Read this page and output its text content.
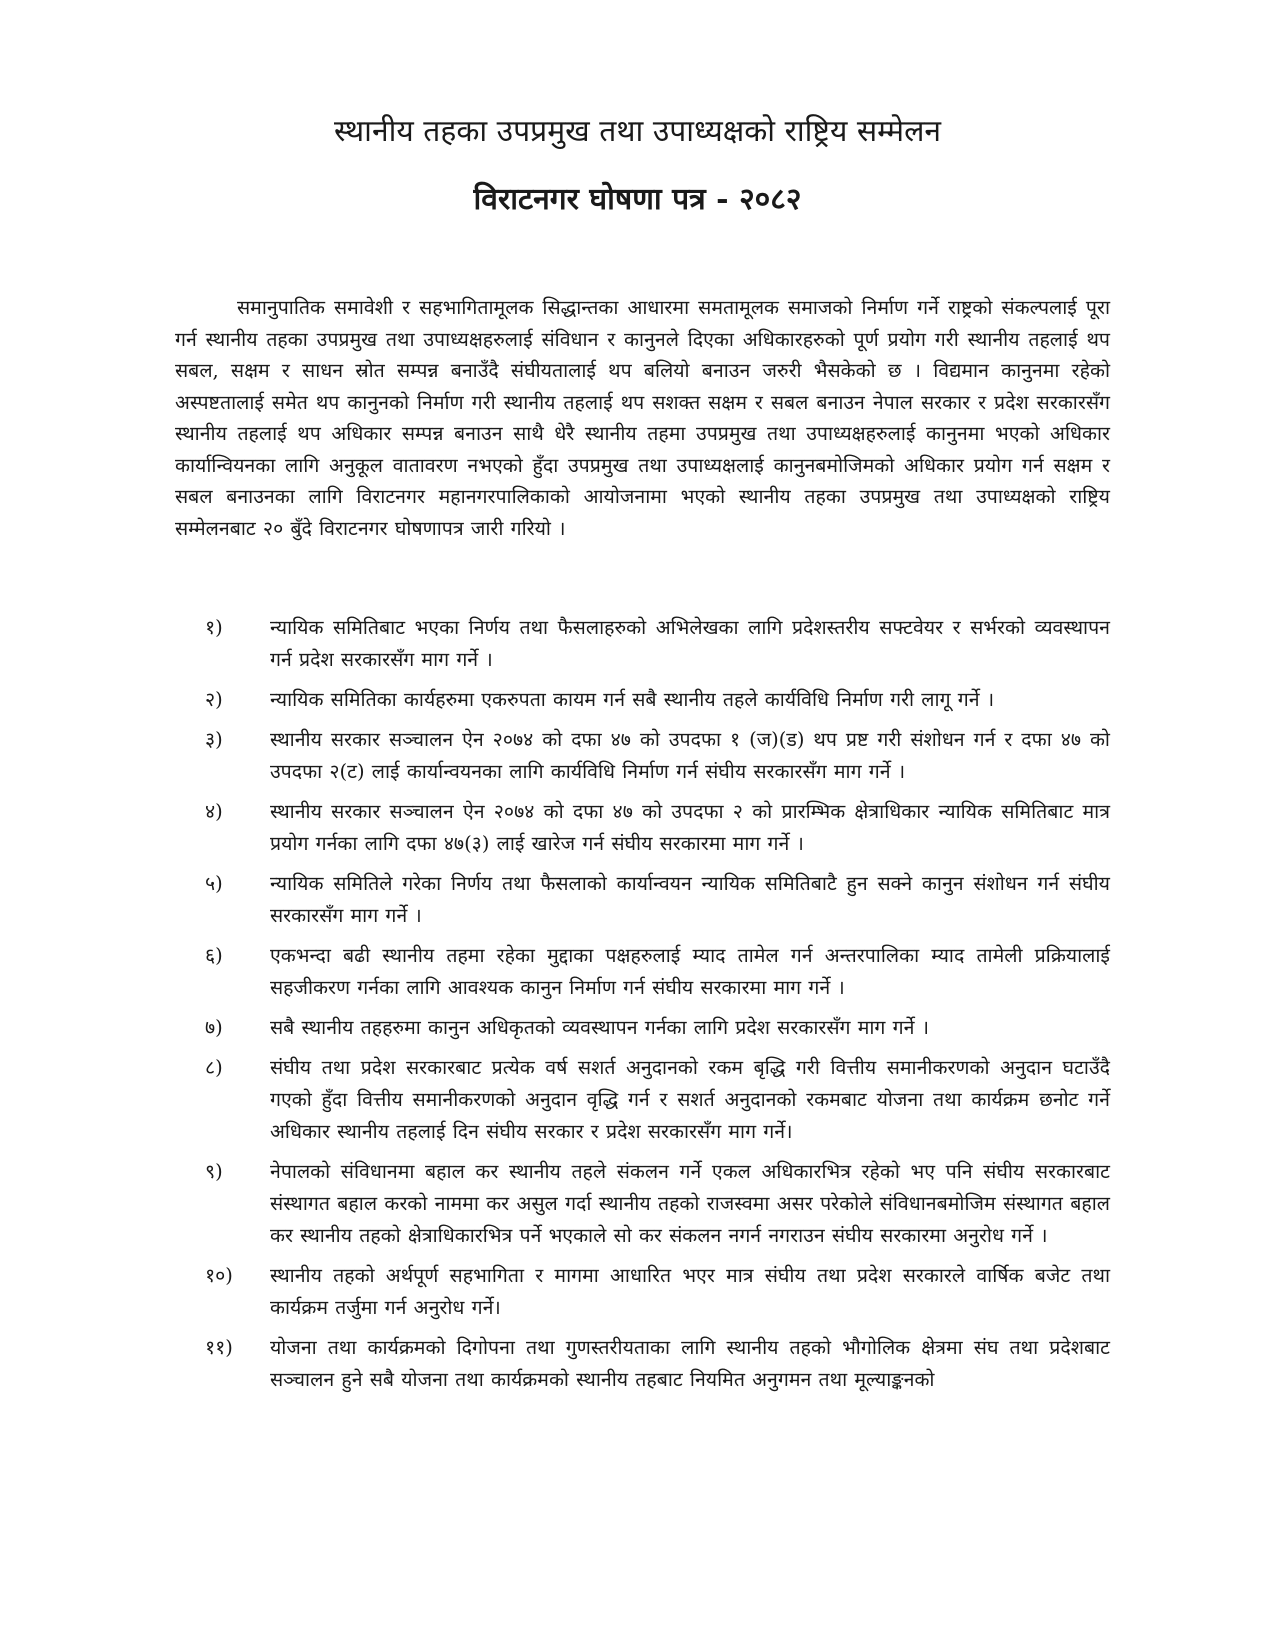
स्थानीय तहका उपप्रमुख तथा उपाध्यक्षको राष्ट्रिय सम्मेलन
विराटनगर घोषणा पत्र - २०८२

समानुपातिक समावेशी र सहभागितामूलक सिद्धान्तका आधारमा समतामूलक समाजको निर्माण गर्ने राष्ट्रको संकल्पलाई पूरा गर्न स्थानीय तहका उपप्रमुख तथा उपाध्यक्षहरुलाई संविधान र कानुनले दिएका अधिकारहरुको पूर्ण प्रयोग गरी स्थानीय तहलाई थप सबल, सक्षम र साधन स्रोत सम्पन्न बनाउँदै संघीयतालाई थप बलियो बनाउन जरुरी भैसकेको छ । विद्यमान कानुनमा रहेको अस्पष्टतालाई समेत थप कानुनको निर्माण गरी स्थानीय तहलाई थप सशक्त सक्षम र सबल बनाउन नेपाल सरकार र प्रदेश सरकारसँग स्थानीय तहलाई थप अधिकार सम्पन्न बनाउन साथै धेरै स्थानीय तहमा उपप्रमुख तथा उपाध्यक्षहरुलाई कानुनमा भएको अधिकार कार्यान्वियनका लागि अनुकूल वातावरण नभएको हुँदा उपप्रमुख तथा उपाध्यक्षलाई कानुनबमोजिमको अधिकार प्रयोग गर्न सक्षम र सबल बनाउनका लागि विराटनगर महानगरपालिकाको आयोजनामा भएको स्थानीय तहका उपप्रमुख तथा उपाध्यक्षको राष्ट्रिय सम्मेलनबाट २० बुँदे विराटनगर घोषणापत्र जारी गरियो ।

१) न्यायिक समितिबाट भएका निर्णय तथा फैसलाहरुको अभिलेखका लागि प्रदेशस्तरीय सफ्टवेयर र सर्भरको व्यवस्थापन गर्न प्रदेश सरकारसँग माग गर्ने ।
२) न्यायिक समितिका कार्यहरुमा एकरुपता कायम गर्न सबै स्थानीय तहले कार्यविधि निर्माण गरी लागू गर्ने ।
३) स्थानीय सरकार सञ्चालन ऐन २०७४ को दफा ४७ को उपदफा १ (ज)(ड) थप प्रष्ट गरी संशोधन गर्न र दफा ४७ को उपदफा २(ट) लाई कार्यान्वयनका लागि कार्यविधि निर्माण गर्न संघीय सरकारसँग माग गर्ने ।
४) स्थानीय सरकार सञ्चालन ऐन २०७४ को दफा ४७ को उपदफा २ को प्रारम्भिक क्षेत्राधिकार न्यायिक समितिबाट मात्र प्रयोग गर्नका लागि दफा ४७(३) लाई खारेज गर्न संघीय सरकारमा माग गर्ने ।
५) न्यायिक समितिले गरेका निर्णय तथा फैसलाको कार्यान्वयन न्यायिक समितिबाटै हुन सक्ने कानुन संशोधन गर्न संघीय सरकारसँग माग गर्ने ।
६) एकभन्दा बढी स्थानीय तहमा रहेका मुद्दाका पक्षहरुलाई म्याद तामेल गर्न अन्तरपालिका म्याद तामेली प्रक्रियालाई सहजीकरण गर्नका लागि आवश्यक कानुन निर्माण गर्न संघीय सरकारमा माग गर्ने ।
७) सबै स्थानीय तहहरुमा कानुन अधिकृतको व्यवस्थापन गर्नका लागि प्रदेश सरकारसँग माग गर्ने ।
८) संघीय तथा प्रदेश सरकारबाट प्रत्येक वर्ष सशर्त अनुदानको रकम बृद्धि गरी वित्तीय समानीकरणको अनुदान घटाउँदै गएको हुँदा वित्तीय समानीकरणको अनुदान वृद्धि गर्न र सशर्त अनुदानको रकमबाट योजना तथा कार्यक्रम छनोट गर्ने अधिकार स्थानीय तहलाई दिन संघीय सरकार र प्रदेश सरकारसँग माग गर्ने।
९) नेपालको संविधानमा बहाल कर स्थानीय तहले संकलन गर्ने एकल अधिकारभित्र रहेको भए पनि संघीय सरकारबाट संस्थागत बहाल करको नाममा कर असुल गर्दा स्थानीय तहको राजस्वमा असर परेकोले संविधानबमोजिम संस्थागत बहाल कर स्थानीय तहको क्षेत्राधिकारभित्र पर्ने भएकाले सो कर संकलन नगर्न नगराउन संघीय सरकारमा अनुरोध गर्ने ।
१०) स्थानीय तहको अर्थपूर्ण सहभागिता र मागमा आधारित भएर मात्र संघीय तथा प्रदेश सरकारले वार्षिक बजेट तथा कार्यक्रम तर्जुमा गर्न अनुरोध गर्ने।
११) योजना तथा कार्यक्रमको दिगोपना तथा गुणस्तरीयताका लागि स्थानीय तहको भौगोलिक क्षेत्रमा संघ तथा प्रदेशबाट सञ्चालन हुने सबै योजना तथा कार्यक्रमको स्थानीय तहबाट नियमित अनुगमन तथा मूल्याङ्कनको
